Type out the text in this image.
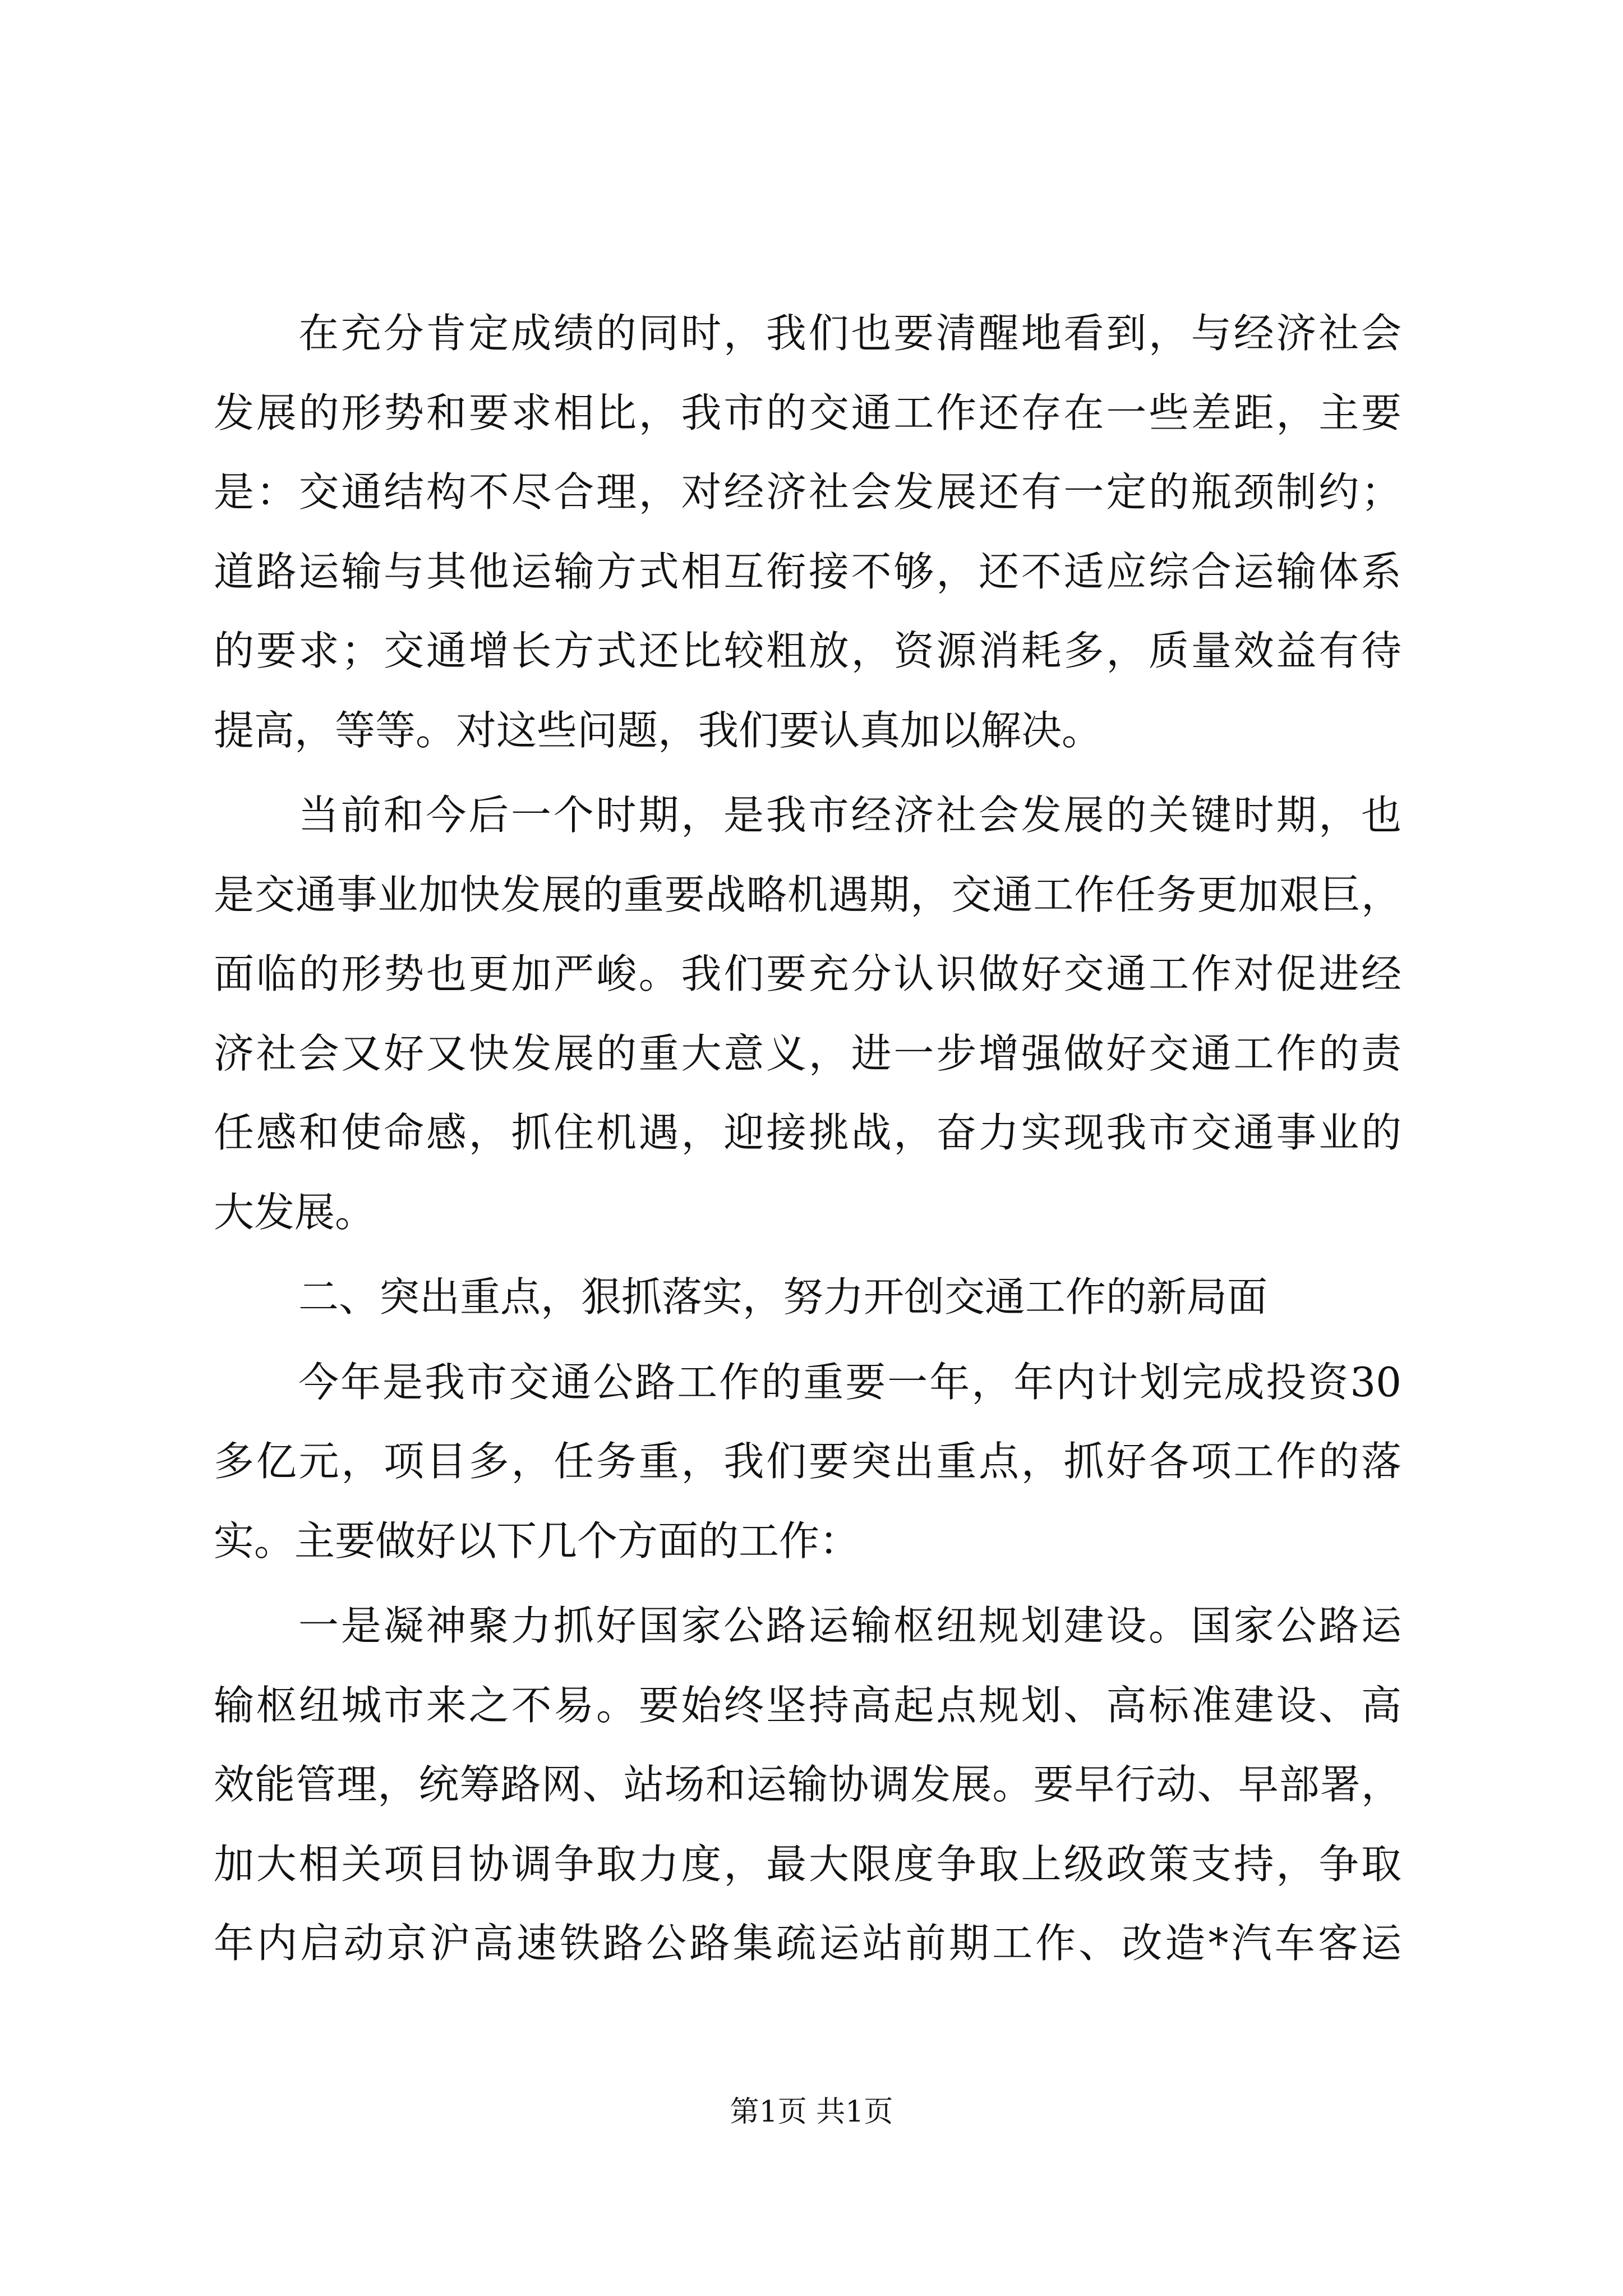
在充分肯定成绩的同时，我们也要清醒地看到，与经济社会
发展的形势和要求相比，我市的交通工作还存在一些差距，主要
是：交通结构不尽合理，对经济社会发展还有一定的瓶颈制约；
道路运输与其他运输方式相互衔接不够，还不适应综合运输体系
的要求；交通增长方式还比较粗放，资源消耗多，质量效益有待
提高，等等。对这些问题，我们要认真加以解决。
当前和今后一个时期，是我市经济社会发展的关键时期，也
是交通事业加快发展的重要战略机遇期，交通工作任务更加艰巨，
面临的形势也更加严峻。我们要充分认识做好交通工作对促进经
济社会又好又快发展的重大意义，进一步增强做好交通工作的责
任感和使命感，抓住机遇，迎接挑战，奋力实现我市交通事业的
大发展。
二、突出重点，狠抓落实，努力开创交通工作的新局面
今年是我市交通公路工作的重要一年，年内计划完成投资30
多亿元，项目多，任务重，我们要突出重点，抓好各项工作的落
实。主要做好以下几个方面的工作：
一是凝神聚力抓好国家公路运输枢纽规划建设。国家公路运
输枢纽城市来之不易。要始终坚持高起点规划、高标准建设、高
效能管理，统筹路网、站场和运输协调发展。要早行动、早部署，
加大相关项目协调争取力度，最大限度争取上级政策支持，争取
年内启动京沪高速铁路公路集疏运站前期工作、改造*汽车客运
第1页 共1页
